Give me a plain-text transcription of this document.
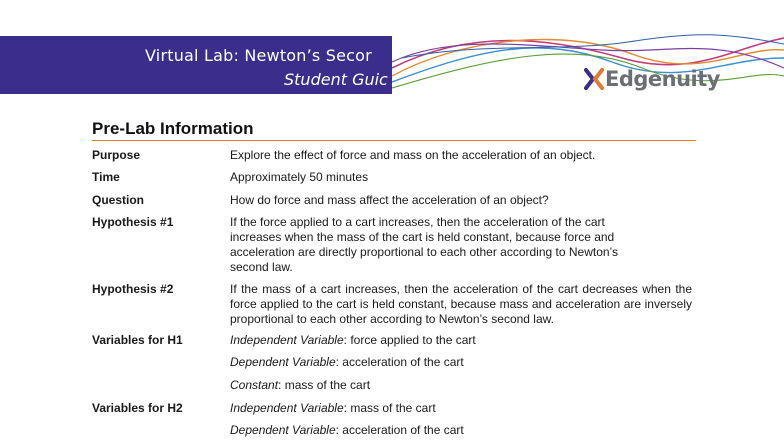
Virtual Lab: Newton’s Secor
Student Guic	Edgenuity
Pre-Lab Information
Purpose	Explore the effect of force and mass on the acceleration of an object.
Time	Approximately 50 minutes
Question	How do force and mass affect the acceleration of an object?
Hypothesis #1	If the force applied to a cart increases, then the acceleration of the cart increases when the mass of the cart is held constant, because force and acceleration are directly proportional to each other according to Newton’s second law.
Hypothesis #2	If the mass of a cart increases, then the acceleration of the cart decreases when the force applied to the cart is held constant, because mass and acceleration are inversely proportional to each other according to Newton’s second law.
Variables for H1	Independent Variable: force applied to the cart
Dependent Variable: acceleration of the cart
Constant: mass of the cart
Variables for H2	Independent Variable: mass of the cart
Dependent Variable: acceleration of the cart
